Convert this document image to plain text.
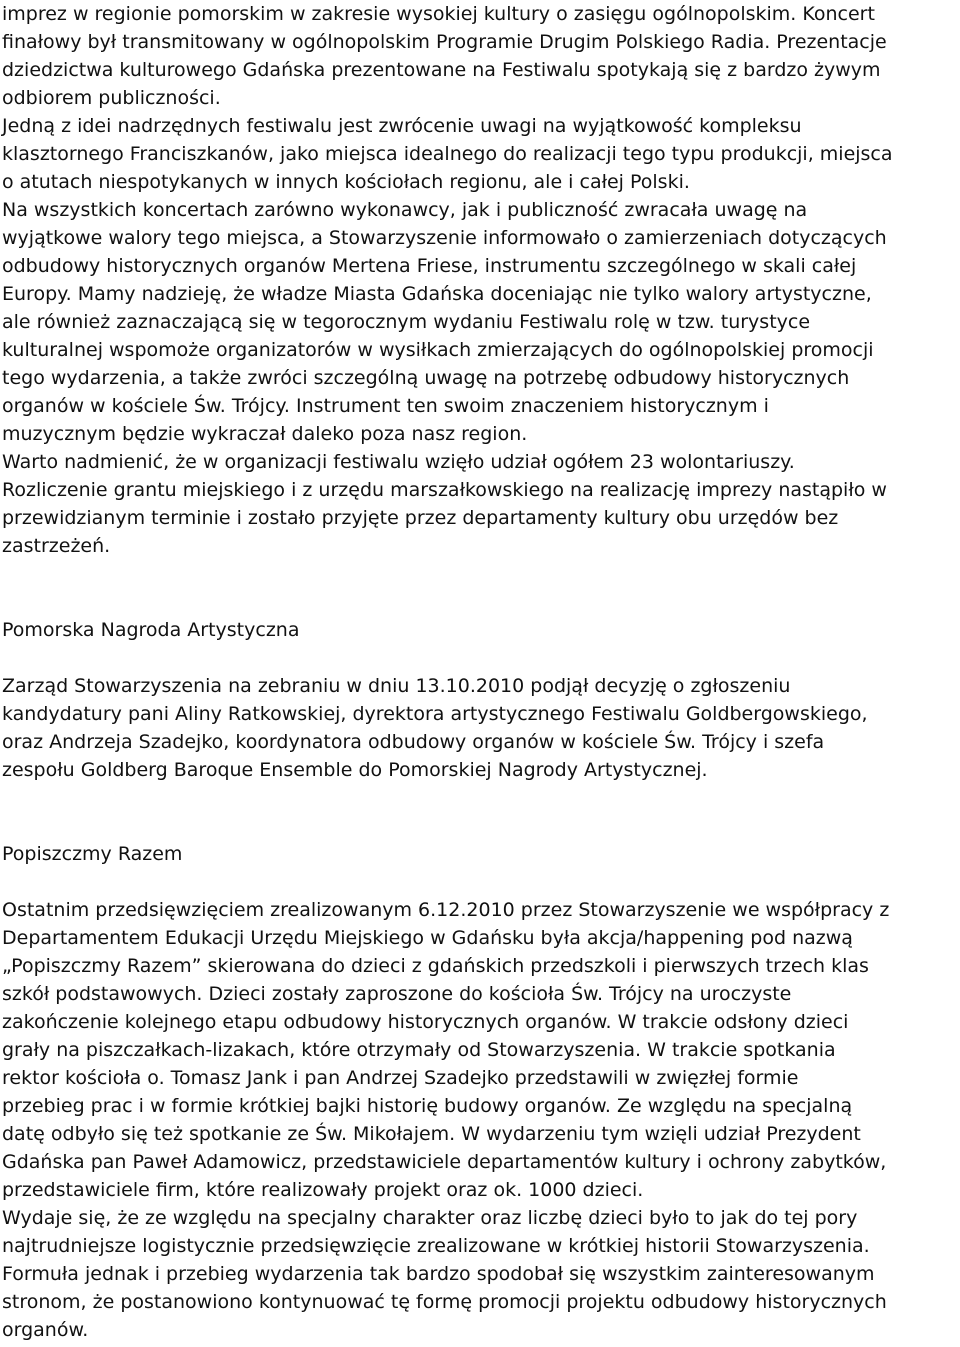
imprez w regionie pomorskim w zakresie wysokiej kultury o zasięgu ogólnopolskim. Koncert
finałowy był transmitowany w ogólnopolskim Programie Drugim Polskiego Radia. Prezentacje
dziedzictwa kulturowego Gdańska prezentowane na Festiwalu spotykają się z bardzo żywym
odbiorem publiczności.
Jedną z idei nadrzędnych festiwalu jest zwrócenie uwagi na wyjątkowość kompleksu
klasztornego Franciszkanów, jako miejsca idealnego do realizacji tego typu produkcji, miejsca
o atutach niespotykanych w innych kościołach regionu, ale i całej Polski.
Na wszystkich koncertach zarówno wykonawcy, jak i publiczność zwracała uwagę na
wyjątkowe walory tego miejsca, a Stowarzyszenie informowało o zamierzeniach dotyczących
odbudowy historycznych organów Mertena Friese, instrumentu szczególnego w skali całej
Europy. Mamy nadzieję, że władze Miasta Gdańska doceniając nie tylko walory artystyczne,
ale również zaznaczającą się w tegorocznym wydaniu Festiwalu rolę w tzw. turystyce
kulturalnej wspomoże organizatorów w wysiłkach zmierzających do ogólnopolskiej promocji
tego wydarzenia, a także zwróci szczególną uwagę na potrzebę odbudowy historycznych
organów w kościele Św. Trójcy. Instrument ten swoim znaczeniem historycznym i
muzycznym będzie wykraczał daleko poza nasz region.
Warto nadmienić, że w organizacji festiwalu wzięło udział ogółem 23 wolontariuszy.
Rozliczenie grantu miejskiego i z urzędu marszałkowskiego na realizację imprezy nastąpiło w
przewidzianym terminie i zostało przyjęte przez departamenty kultury obu urzędów bez
zastrzeżeń.
Pomorska Nagroda Artystyczna
Zarząd Stowarzyszenia na zebraniu w dniu 13.10.2010 podjął decyzję o zgłoszeniu
kandydatury pani Aliny Ratkowskiej, dyrektora artystycznego Festiwalu Goldbergowskiego,
oraz Andrzeja Szadejko, koordynatora odbudowy organów w kościele Św. Trójcy i szefa
zespołu Goldberg Baroque Ensemble do Pomorskiej Nagrody Artystycznej.
Popiszczmy Razem
Ostatnim przedsięwzięciem zrealizowanym 6.12.2010 przez Stowarzyszenie we współpracy z
Departamentem Edukacji Urzędu Miejskiego w Gdańsku była akcja/happening pod nazwą
„Popiszczmy Razem” skierowana do dzieci z gdańskich przedszkoli i pierwszych trzech klas
szkół podstawowych. Dzieci zostały zaproszone do kościoła Św. Trójcy na uroczyste
zakończenie kolejnego etapu odbudowy historycznych organów. W trakcie odsłony dzieci
grały na piszczałkach-lizakach, które otrzymały od Stowarzyszenia. W trakcie spotkania
rektor kościoła o. Tomasz Jank i pan Andrzej Szadejko przedstawili w zwięzłej formie
przebieg prac i w formie krótkiej bajki historię budowy organów. Ze względu na specjalną
datę odbyło się też spotkanie ze Św. Mikołajem. W wydarzeniu tym wzięli udział Prezydent
Gdańska pan Paweł Adamowicz, przedstawiciele departamentów kultury i ochrony zabytków,
przedstawiciele firm, które realizowały projekt oraz ok. 1000 dzieci.
Wydaje się, że ze względu na specjalny charakter oraz liczbę dzieci było to jak do tej pory
najtrudniejsze logistycznie przedsięwzięcie zrealizowane w krótkiej historii Stowarzyszenia.
Formuła jednak i przebieg wydarzenia tak bardzo spodobał się wszystkim zainteresowanym
stronom, że postanowiono kontynuować tę formę promocji projektu odbudowy historycznych
organów.
